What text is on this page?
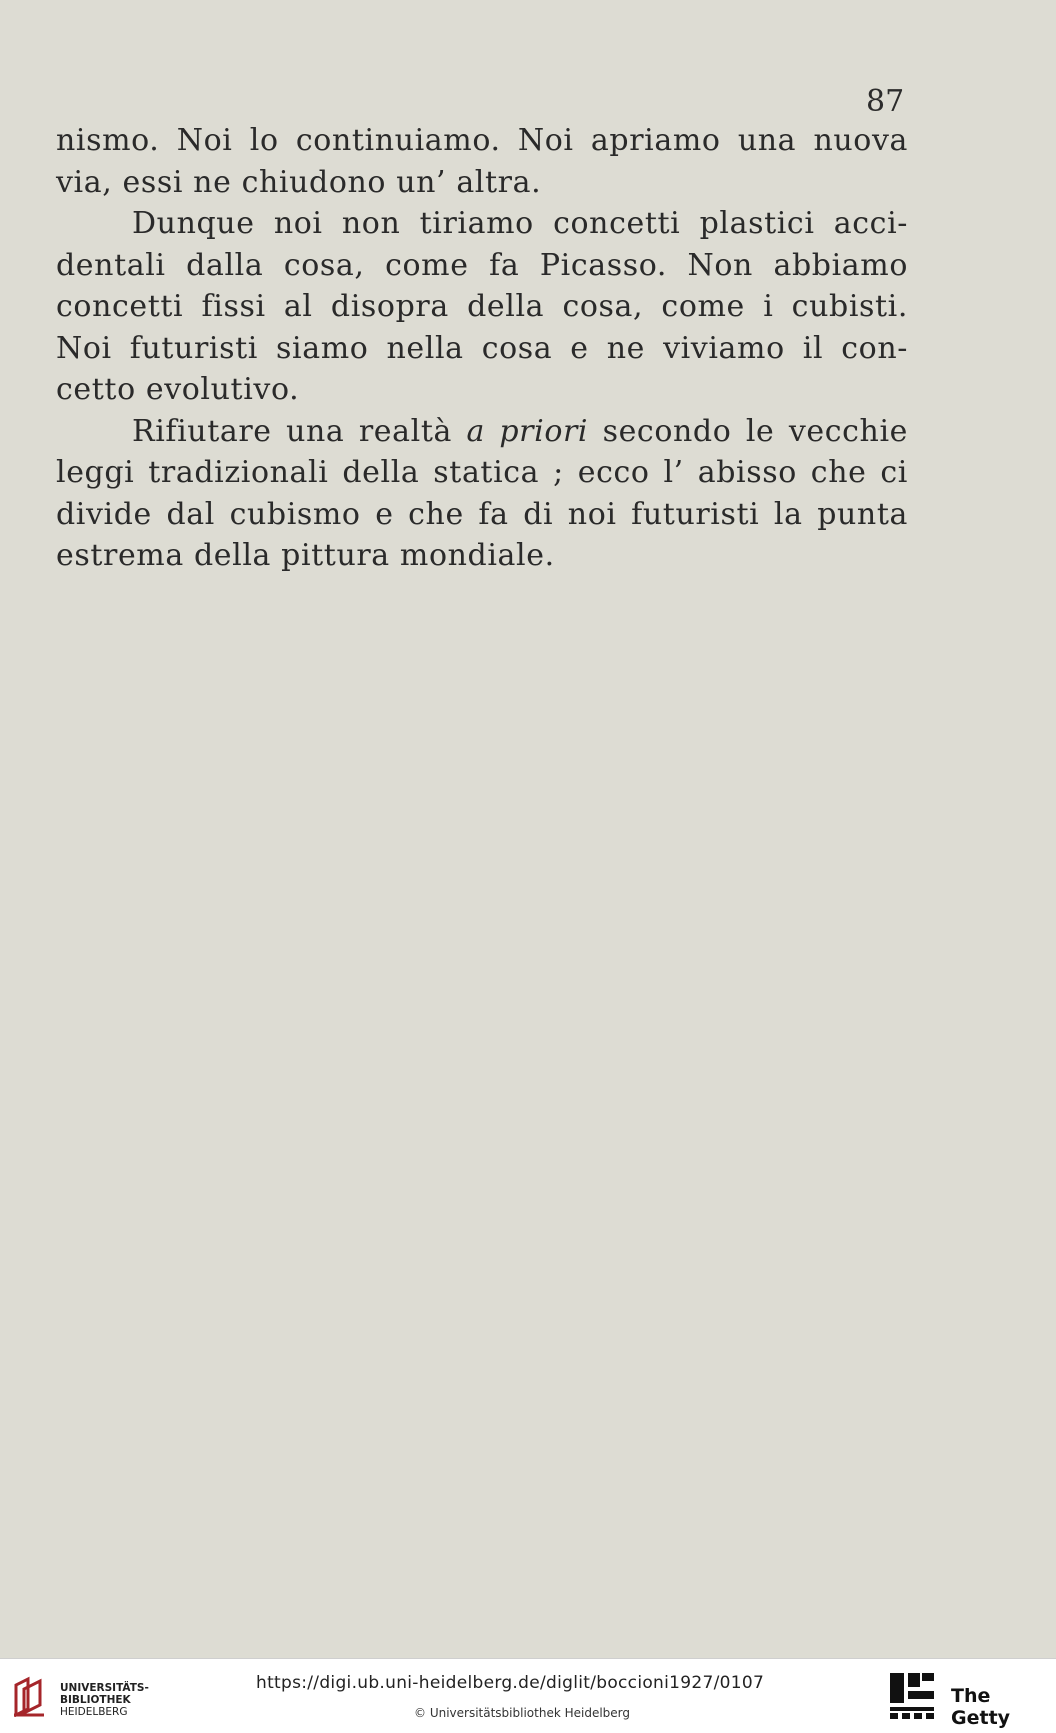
87
nismo. Noi lo continuiamo. Noi apriamo una nuova
via, essi ne chiudono un’ altra.
Dunque noi non tiriamo concetti plastici acci-
dentali dalla cosa, come fa Picasso. Non abbiamo
concetti fissi al disopra della cosa, come i cubisti.
Noi futuristi siamo nella cosa e ne viviamo il con-
cetto evolutivo.
Rifiutare una realtà a priori secondo le vecchie
leggi tradizionali della statica ; ecco l’ abisso che ci
divide dal cubismo e che fa di noi futuristi la punta
estrema della pittura mondiale.
UNIVERSITÄTS-
BIBLIOTHEK
HEIDELBERG
https://digi.ub.uni-heidelberg.de/diglit/boccioni1927/0107
© Universitätsbibliothek Heidelberg
The Getty
